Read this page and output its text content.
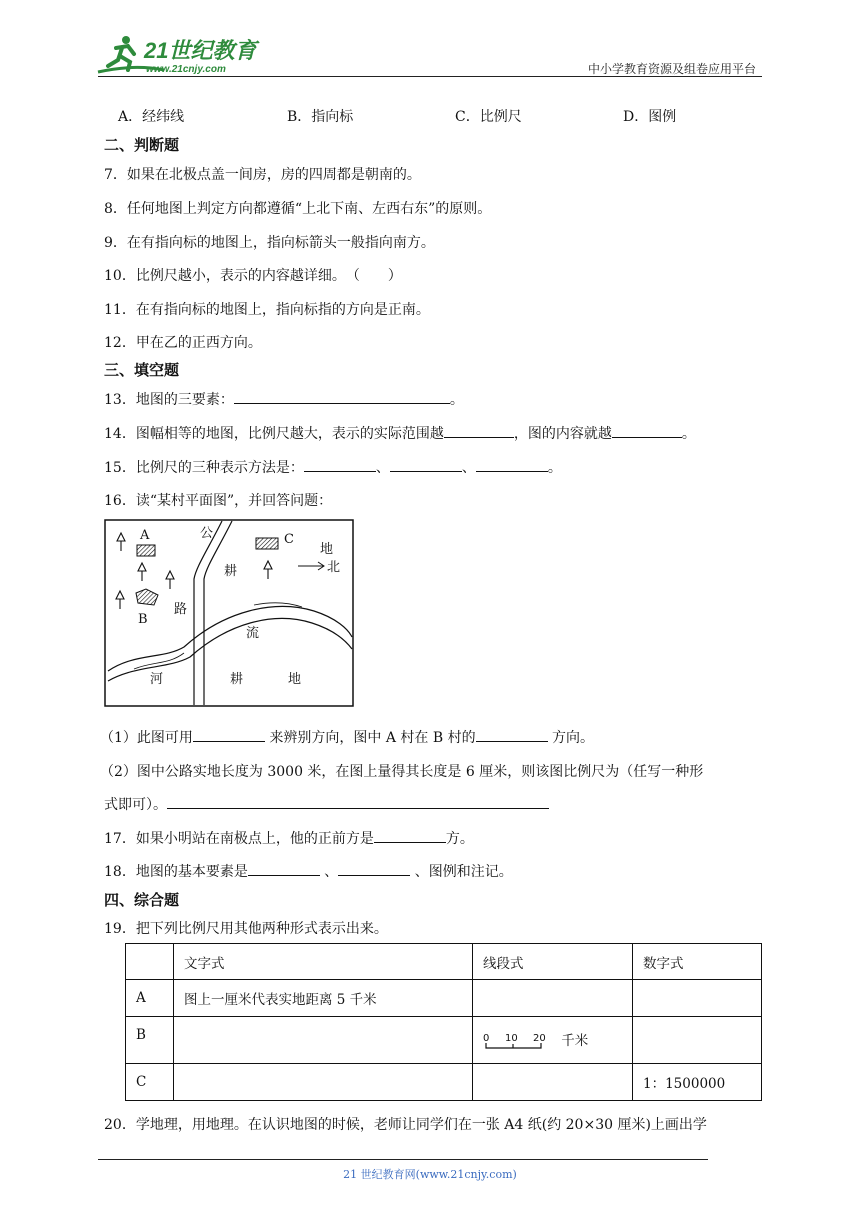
21世纪教育
www.21cnjy.com	中小学教育资源及组卷应用平台
A．经纬线	B．指向标	C．比例尺	D．图例
二、判断题
7．如果在北极点盖一间房，房的四周都是朝南的。
8．任何地图上判定方向都遵循“上北下南、左西右东”的原则。
9．在有指向标的地图上，指向标箭头一般指向南方。
10．比例尺越小，表示的内容越详细。　（　　）
11．在有指向标的地图上，指向标指的方向是正南。
12．甲在乙的正西方向。
三、填空题
13．地图的三要素：	。
14．图幅相等的地图，比例尺越大，表示的实际范围越	，图的内容就越	。
15．比例尺的三种表示方法是：	、	、	。
16．读“某村平面图”，并回答问题：
A
B
C
公
路
耕
地
北
流
河	耕	地
（1）此图可用	来辨别方向，图中 A 村在 B 村的	方向。
（2）图中公路实地长度为 3000 米，在图上量得其长度是 6 厘米，则该图比例尺为（任写一种形
式即可）。
17．如果小明站在南极点上，他的正前方是	方。
18．地图的基本要素是	、	、图例和注记。
四、综合题
19．把下列比例尺用其他两种形式表示出来。
	文字式	线段式	数字式
A	图上一厘米代表实地距离 5 千米		
B		0 10 20 千米	
C			1：1500000
20．学地理，用地理。在认识地图的时候，老师让同学们在一张 A4 纸(约 20×30 厘米)上画出学
21 世纪教育网(www.21cnjy.com)
